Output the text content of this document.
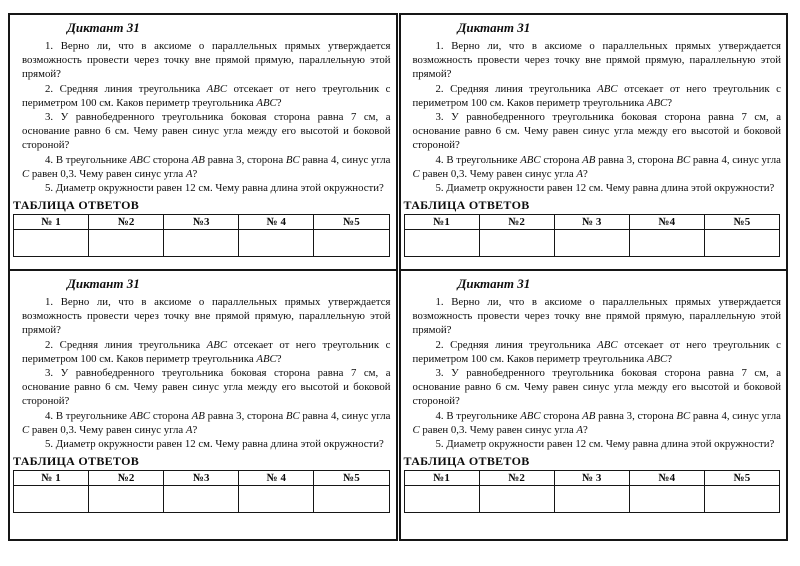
Диктант 31

1. Верно ли, что в аксиоме о параллельных прямых утверждается возможность провести через точку вне прямой прямую, параллельную этой прямой?

2. Средняя линия треугольника ABC отсекает от него треугольник с периметром 100 см. Каков периметр треугольника ABC?

3. У равнобедренного треугольника боковая сторона равна 7 см, а основание равно 6 см. Чему равен синус угла между его высотой и боковой стороной?

4. В треугольнике ABC сторона AB равна 3, сторона BC равна 4, синус угла C равен 0,3. Чему равен синус угла A?

5. Диаметр окружности равен 12 см. Чему равна длина этой окружности?

ТАБЛИЦА ОТВЕТОВ
№ 1	№2	№3	№ 4	№5

Диктант 31

1. Верно ли, что в аксиоме о параллельных прямых утверждается возможность провести через точку вне прямой прямую, параллельную этой прямой?

2. Средняя линия треугольника ABC отсекает от него треугольник с периметром 100 см. Каков периметр треугольника ABC?

3. У равнобедренного треугольника боковая сторона равна 7 см, а основание равно 6 см. Чему равен синус угла между его высотой и боковой стороной?

4. В треугольнике ABC сторона AB равна 3, сторона BC равна 4, синус угла C равен 0,3. Чему равен синус угла A?

5. Диаметр окружности равен 12 см. Чему равна длина этой окружности?

ТАБЛИЦА ОТВЕТОВ
№1	№2	№ 3	№4	№5

Диктант 31

1. Верно ли, что в аксиоме о параллельных прямых утверждается возможность провести через точку вне прямой прямую, параллельную этой прямой?

2. Средняя линия треугольника ABC отсекает от него треугольник с периметром 100 см. Каков периметр треугольника ABC?

3. У равнобедренного треугольника боковая сторона равна 7 см, а основание равно 6 см. Чему равен синус угла между его высотой и боковой стороной?

4. В треугольнике ABC сторона AB равна 3, сторона BC равна 4, синус угла C равен 0,3. Чему равен синус угла A?

5. Диаметр окружности равен 12 см. Чему равна длина этой окружности?

ТАБЛИЦА ОТВЕТОВ
№ 1	№2	№3	№ 4	№5

Диктант 31

1. Верно ли, что в аксиоме о параллельных прямых утверждается возможность провести через точку вне прямой прямую, параллельную этой прямой?

2. Средняя линия треугольника ABC отсекает от него треугольник с периметром 100 см. Каков периметр треугольника ABC?

3. У равнобедренного треугольника боковая сторона равна 7 см, а основание равно 6 см. Чему равен синус угла между его высотой и боковой стороной?

4. В треугольнике ABC сторона AB равна 3, сторона BC равна 4, синус угла C равен 0,3. Чему равен синус угла A?

5. Диаметр окружности равен 12 см. Чему равна длина этой окружности?

ТАБЛИЦА ОТВЕТОВ
№1	№2	№ 3	№4	№5
